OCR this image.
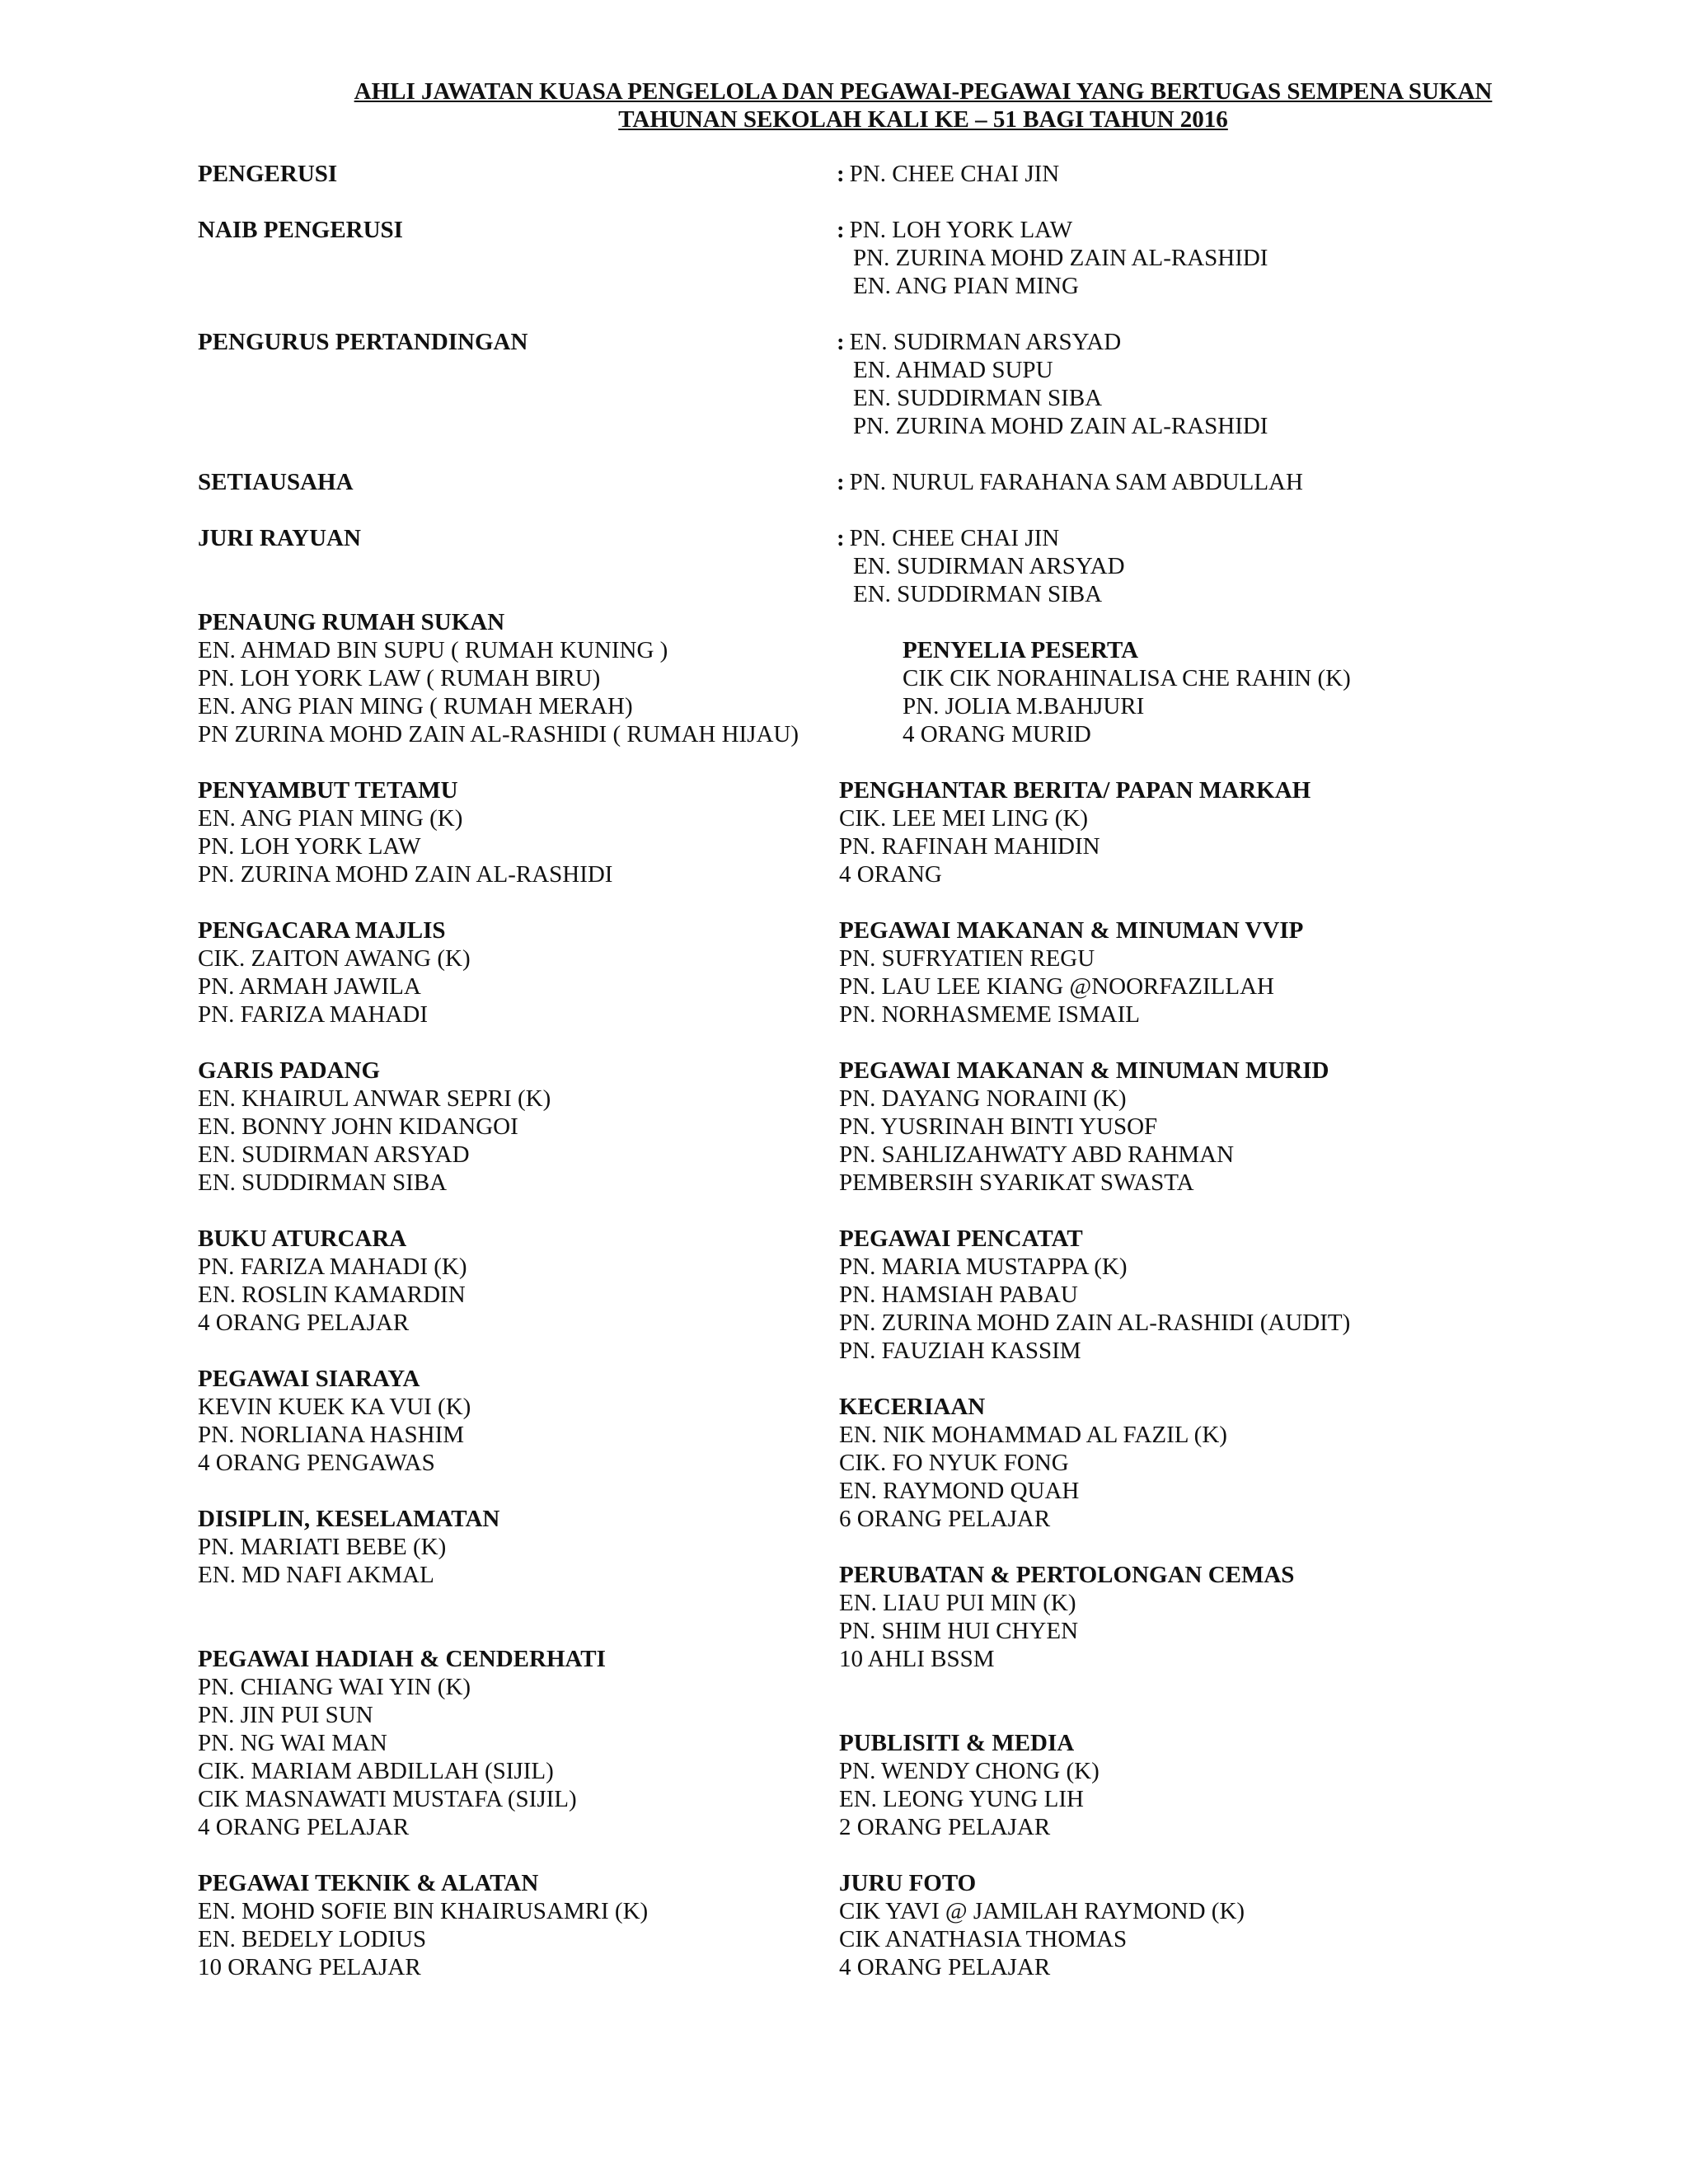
AHLI JAWATAN KUASA PENGELOLA DAN PEGAWAI-PEGAWAI YANG BERTUGAS SEMPENA SUKAN
TAHUNAN SEKOLAH KALI KE – 51 BAGI TAHUN 2016
PENGERUSI	: PN. CHEE CHAI JIN
NAIB PENGERUSI	: PN. LOH YORK LAW
PN. ZURINA MOHD ZAIN AL-RASHIDI
EN. ANG PIAN MING
PENGURUS PERTANDINGAN	: EN. SUDIRMAN ARSYAD
EN. AHMAD SUPU
EN. SUDDIRMAN SIBA
PN. ZURINA MOHD ZAIN AL-RASHIDI
SETIAUSAHA	: PN. NURUL FARAHANA SAM ABDULLAH
JURI RAYUAN	: PN. CHEE CHAI JIN
EN. SUDIRMAN ARSYAD
EN. SUDDIRMAN SIBA
PENAUNG RUMAH SUKAN
EN. AHMAD BIN SUPU ( RUMAH KUNING )
PN. LOH YORK LAW ( RUMAH BIRU)
EN. ANG PIAN MING ( RUMAH MERAH)
PN ZURINA MOHD ZAIN AL-RASHIDI ( RUMAH HIJAU)
PENYAMBUT TETAMU
EN. ANG PIAN MING (K)
PN. LOH YORK LAW
PN. ZURINA MOHD ZAIN AL-RASHIDI
PENGACARA MAJLIS
CIK. ZAITON AWANG (K)
PN. ARMAH JAWILA
PN. FARIZA MAHADI
GARIS PADANG
EN. KHAIRUL ANWAR SEPRI (K)
EN. BONNY JOHN KIDANGOI
EN. SUDIRMAN ARSYAD
EN. SUDDIRMAN SIBA
BUKU ATURCARA
PN. FARIZA MAHADI (K)
EN. ROSLIN KAMARDIN
4 ORANG PELAJAR
PEGAWAI SIARAYA
KEVIN KUEK KA VUI (K)
PN. NORLIANA HASHIM
4 ORANG PENGAWAS
DISIPLIN, KESELAMATAN
PN. MARIATI BEBE (K)
EN. MD NAFI AKMAL
PEGAWAI HADIAH & CENDERHATI
PN. CHIANG WAI YIN (K)
PN. JIN PUI SUN
PN. NG WAI MAN
CIK. MARIAM ABDILLAH (SIJIL)
CIK MASNAWATI MUSTAFA (SIJIL)
4 ORANG PELAJAR
PEGAWAI TEKNIK & ALATAN
EN. MOHD SOFIE BIN KHAIRUSAMRI (K)
EN. BEDELY LODIUS
10 ORANG PELAJAR
PENYELIA PESERTA
CIK CIK NORAHINALISA CHE RAHIN (K)
PN. JOLIA M.BAHJURI
4 ORANG MURID
PENGHANTAR BERITA/ PAPAN MARKAH
CIK. LEE MEI LING (K)
PN. RAFINAH MAHIDIN
4 ORANG
PEGAWAI MAKANAN & MINUMAN VVIP
PN. SUFRYATIEN REGU
PN. LAU LEE KIANG @NOORFAZILLAH
PN. NORHASMEME ISMAIL
PEGAWAI MAKANAN & MINUMAN MURID
PN. DAYANG NORAINI (K)
PN. YUSRINAH BINTI YUSOF
PN. SAHLIZAHWATY ABD RAHMAN
PEMBERSIH SYARIKAT SWASTA
PEGAWAI PENCATAT
PN. MARIA MUSTAPPA (K)
PN. HAMSIAH PABAU
PN. ZURINA MOHD ZAIN AL-RASHIDI (AUDIT)
PN. FAUZIAH KASSIM
KECERIAAN
EN. NIK MOHAMMAD AL FAZIL (K)
CIK. FO NYUK FONG
EN. RAYMOND QUAH
6 ORANG PELAJAR
PERUBATAN & PERTOLONGAN CEMAS
EN. LIAU PUI MIN (K)
PN. SHIM HUI CHYEN
10 AHLI BSSM
PUBLISITI & MEDIA
PN. WENDY CHONG (K)
EN. LEONG YUNG LIH
2 ORANG PELAJAR
JURU FOTO
CIK YAVI @ JAMILAH RAYMOND (K)
CIK ANATHASIA THOMAS
4 ORANG PELAJAR
